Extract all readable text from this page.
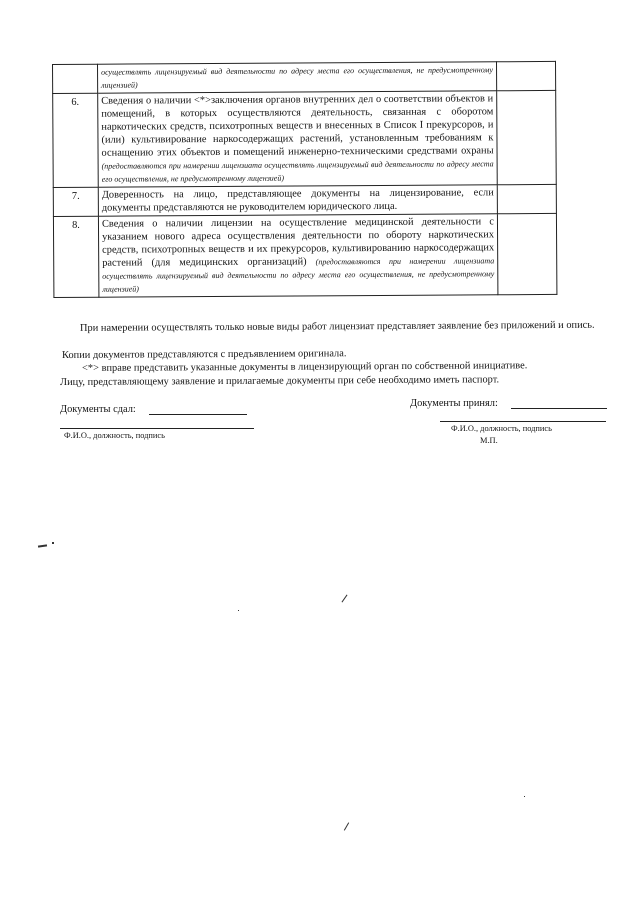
	осуществлять лицензируемый вид деятельности по адресу места его осуществления, не предусмотренному лицензией)	
6.	Сведения о наличии <*>заключения органов внутренних дел о соответствии объектов и помещений, в которых осуществляются деятельность, связанная с оборотом наркотических средств, психотропных веществ и внесенных в Список I прекурсоров, и (или) культивирование наркосодержащих растений, установленным требованиям к оснащению этих объектов и помещений инженерно-техническими средствами охраны (предоставляются при намерении лицензиата осуществлять лицензируемый вид деятельности по адресу места его осуществления, не предусмотренному лицензией)	
7.	Доверенность на лицо, представляющее документы на лицензирование, если документы представляются не руководителем юридического лица.	
8.	Сведения о наличии лицензии на осуществление медицинской деятельности с указанием нового адреса осуществления деятельности по обороту наркотических средств, психотропных веществ и их прекурсоров, культивированию наркосодержащих растений (для медицинских организаций) (предоставляются при намерении лицензиата осуществлять лицензируемый вид деятельности по адресу места его осуществления, не предусмотренному лицензией)	

При намерении осуществлять только новые виды работ лицензиат представляет заявление без приложений и опись.

Копии документов представляются с предъявлением оригинала.

<*> вправе представить указанные документы в лицензирующий орган по собственной инициативе.

Лицу, представляющему заявление и прилагаемые документы при себе необходимо иметь паспорт.

Документы сдал:
Ф.И.О., должность, подпись
Документы принял:
Ф.И.О., должность, подпись
М.П.
